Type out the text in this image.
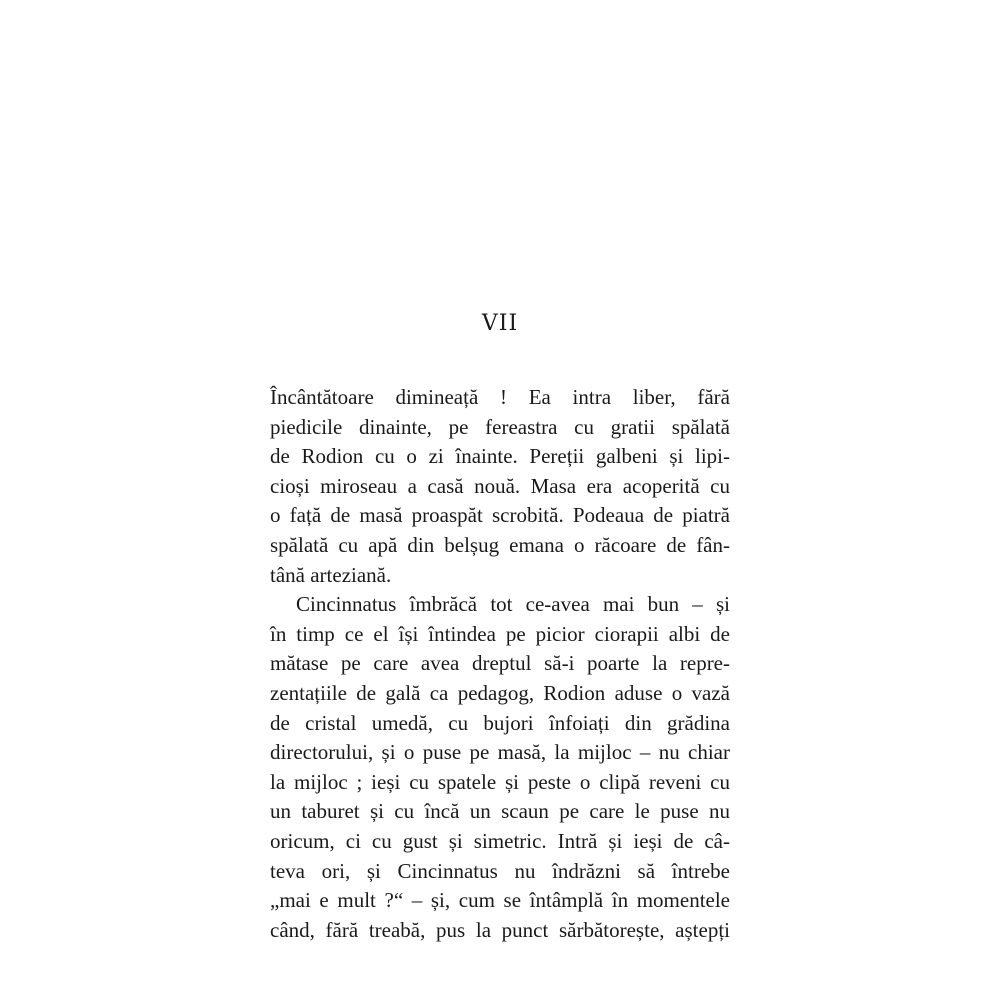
VII
Încântătoare dimineață ! Ea intra liber, fără
piedicile dinainte, pe fereastra cu gratii spălată
de Rodion cu o zi înainte. Pereții galbeni și lipi-
cioși miroseau a casă nouă. Masa era acoperită cu
o față de masă proaspăt scrobită. Podeaua de piatră
spălată cu apă din belșug emana o răcoare de fân-
tână arteziană.
Cincinnatus îmbrăcă tot ce-avea mai bun – și
în timp ce el își întindea pe picior ciorapii albi de
mătase pe care avea dreptul să-i poarte la repre-
zentațiile de gală ca pedagog, Rodion aduse o vază
de cristal umedă, cu bujori înfoiați din grădina
directorului, și o puse pe masă, la mijloc – nu chiar
la mijloc ; ieși cu spatele și peste o clipă reveni cu
un taburet și cu încă un scaun pe care le puse nu
oricum, ci cu gust și simetric. Intră și ieși de câ-
teva ori, și Cincinnatus nu îndrăzni să întrebe
„mai e mult ?“ – și, cum se întâmplă în momentele
când, fără treabă, pus la punct sărbătorește, aștepți
